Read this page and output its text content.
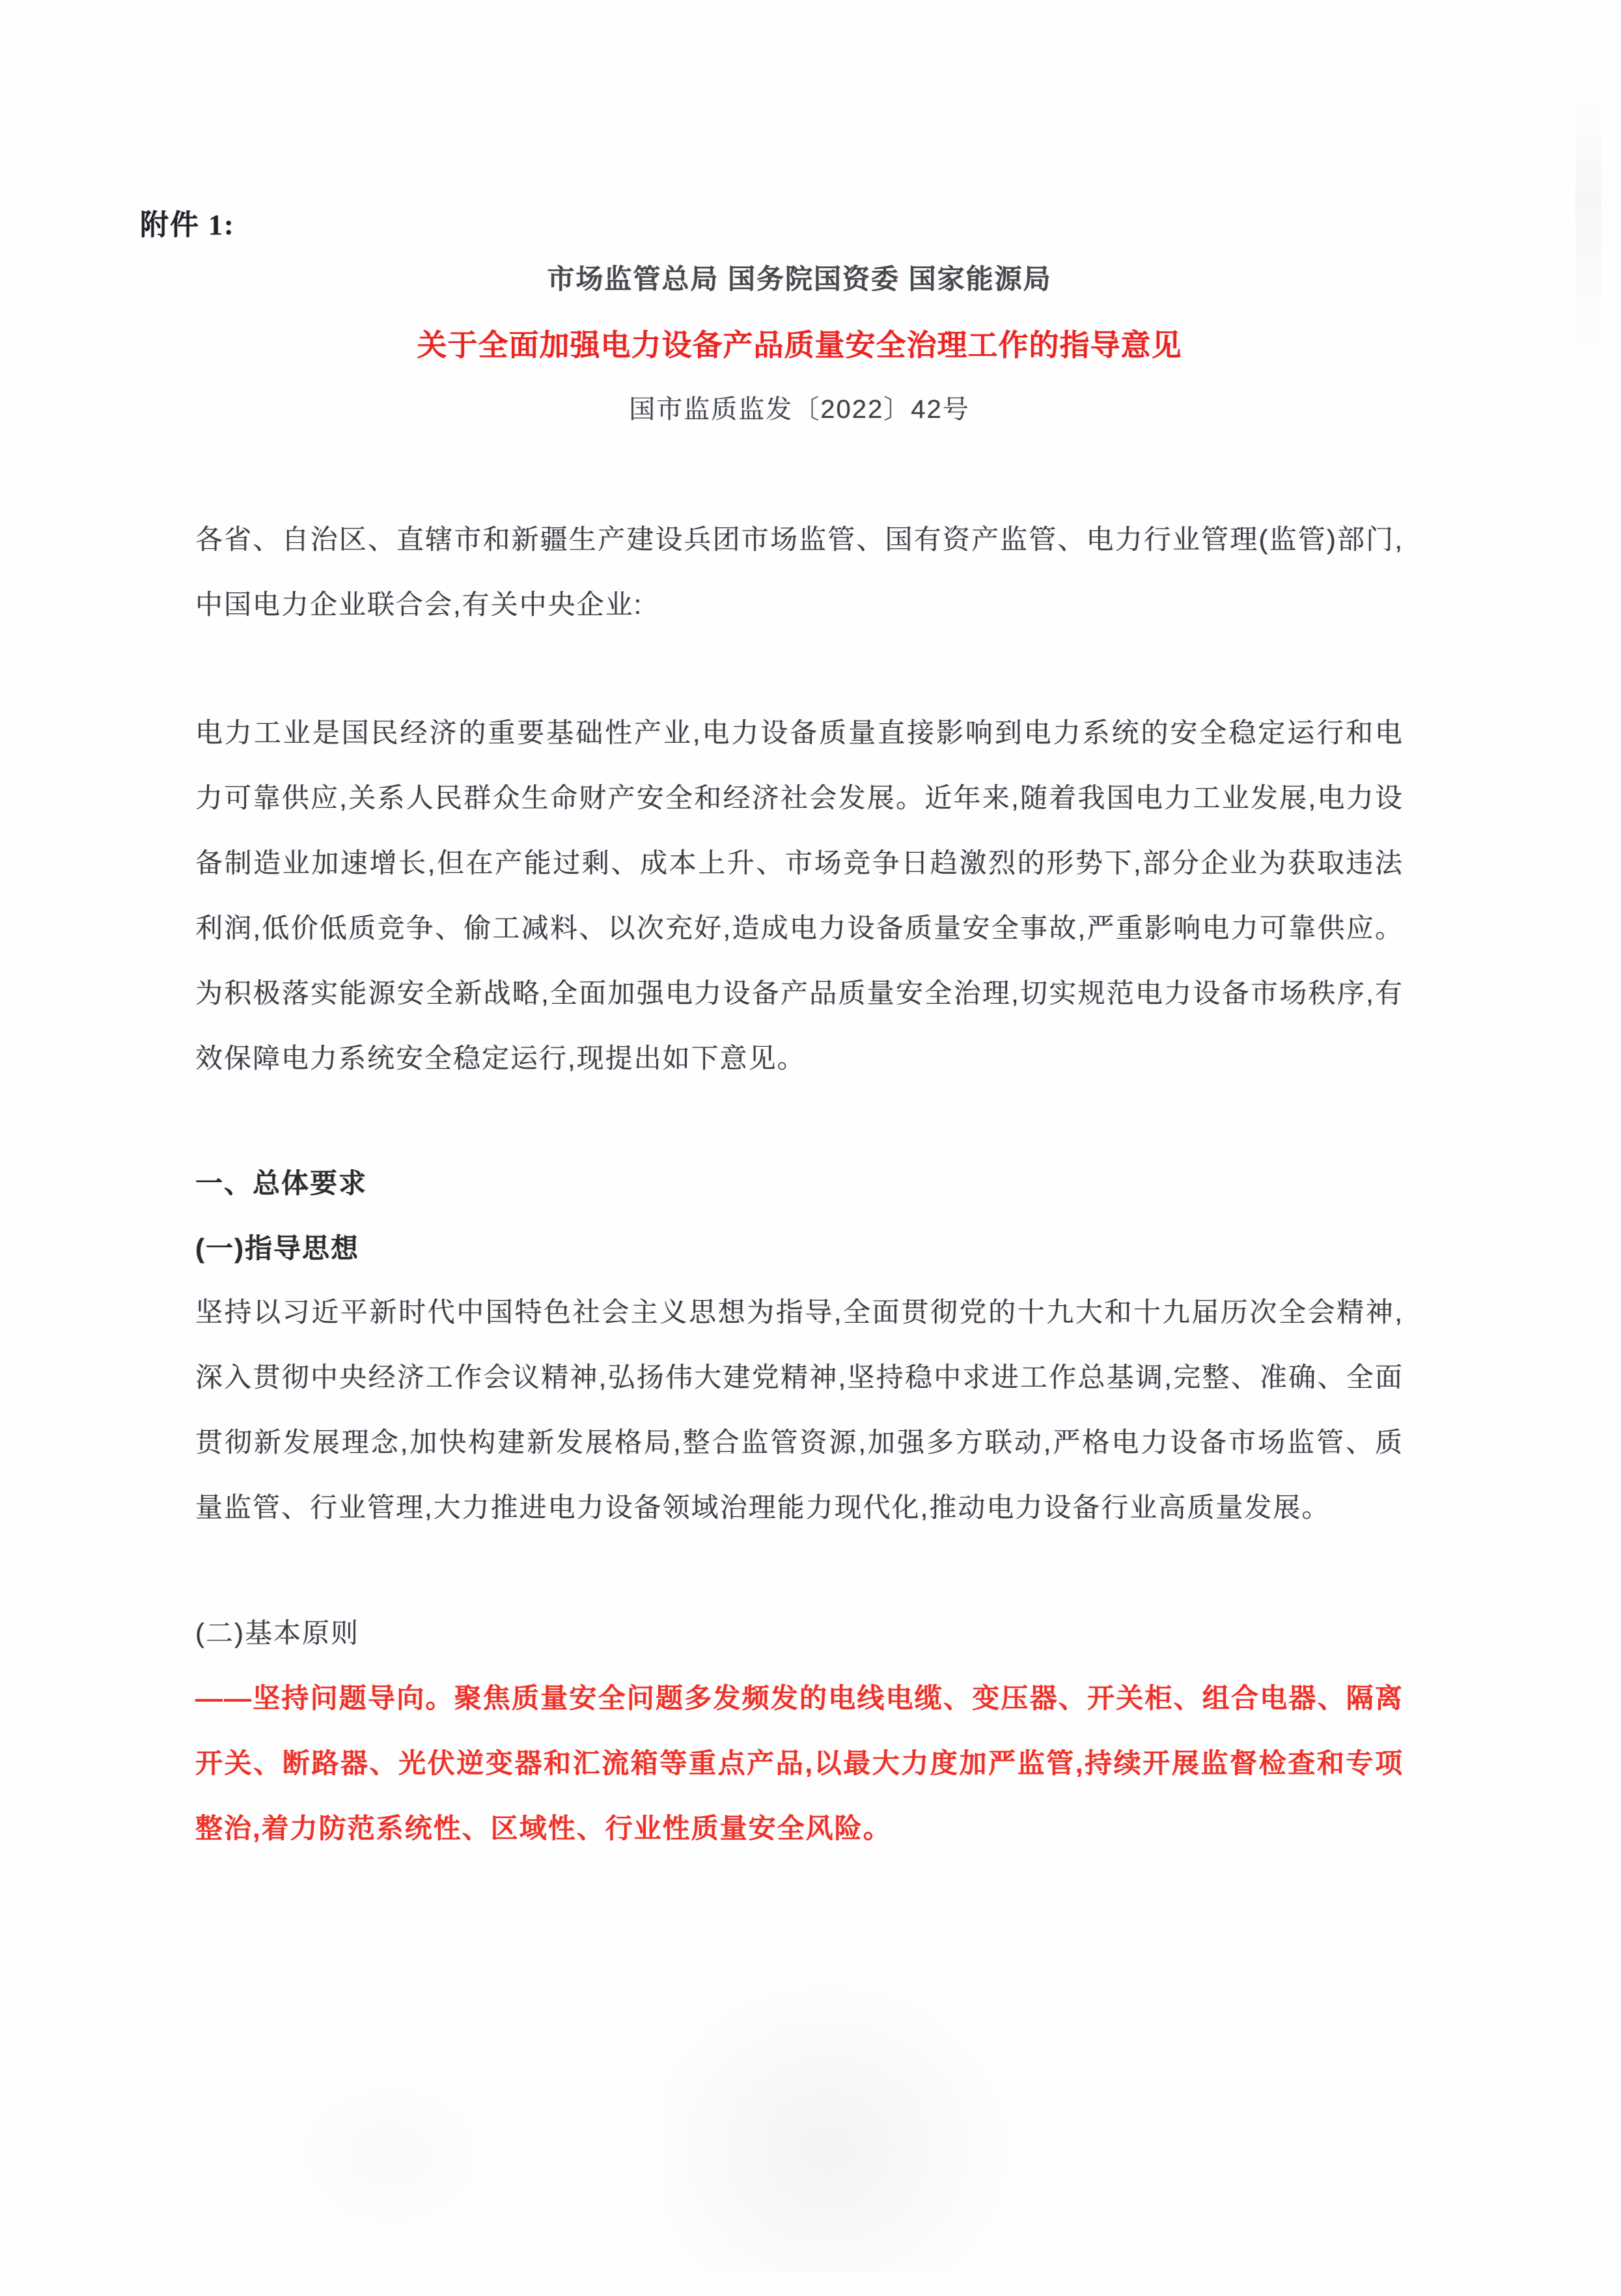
附件 1:
市场监管总局 国务院国资委 国家能源局
关于全面加强电力设备产品质量安全治理工作的指导意见
国市监质监发〔2022〕42号
各省、自治区、直辖市和新疆生产建设兵团市场监管、国有资产监管、电力行业管理(监管)部门,中国电力企业联合会,有关中央企业:
电力工业是国民经济的重要基础性产业,电力设备质量直接影响到电力系统的安全稳定运行和电力可靠供应,关系人民群众生命财产安全和经济社会发展。近年来,随着我国电力工业发展,电力设备制造业加速增长,但在产能过剩、成本上升、市场竞争日趋激烈的形势下,部分企业为获取违法利润,低价低质竞争、偷工减料、以次充好,造成电力设备质量安全事故,严重影响电力可靠供应。为积极落实能源安全新战略,全面加强电力设备产品质量安全治理,切实规范电力设备市场秩序,有效保障电力系统安全稳定运行,现提出如下意见。
一、总体要求
(一)指导思想
坚持以习近平新时代中国特色社会主义思想为指导,全面贯彻党的十九大和十九届历次全会精神,深入贯彻中央经济工作会议精神,弘扬伟大建党精神,坚持稳中求进工作总基调,完整、准确、全面贯彻新发展理念,加快构建新发展格局,整合监管资源,加强多方联动,严格电力设备市场监管、质量监管、行业管理,大力推进电力设备领域治理能力现代化,推动电力设备行业高质量发展。
(二)基本原则
——坚持问题导向。聚焦质量安全问题多发频发的电线电缆、变压器、开关柜、组合电器、隔离开关、断路器、光伏逆变器和汇流箱等重点产品,以最大力度加严监管,持续开展监督检查和专项整治,着力防范系统性、区域性、行业性质量安全风险。
